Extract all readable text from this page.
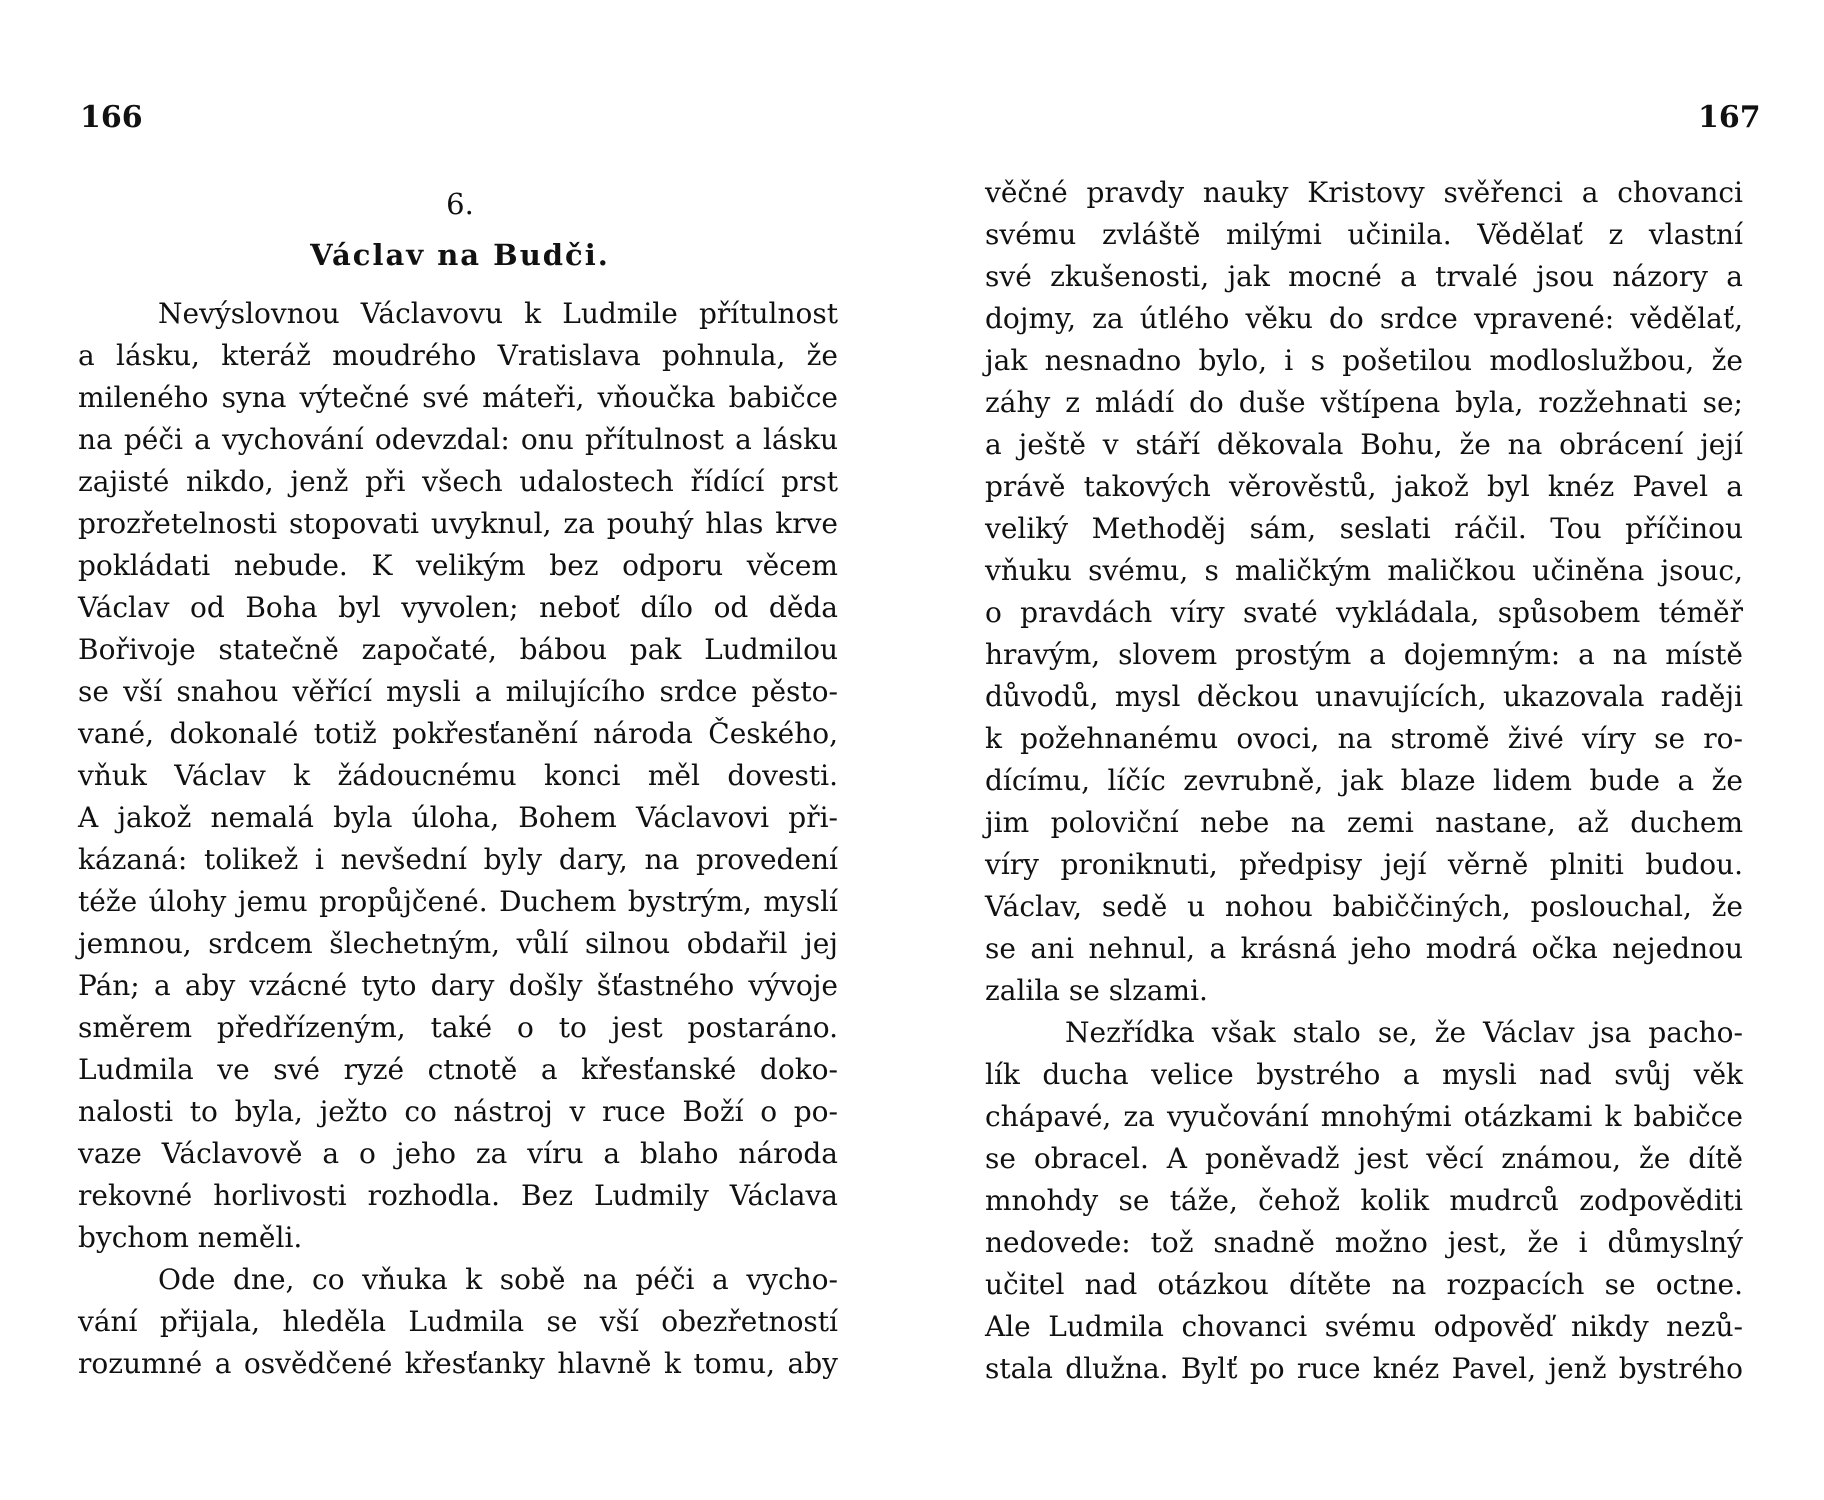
166
6.
Václav na Budči.
Nevýslovnou Václavovu k Ludmile přítulnost
a lásku, kteráž moudrého Vratislava pohnula, že
mileného syna výtečné své máteři, vňoučka babičce
na péči a vychování odevzdal: onu přítulnost a lásku
zajisté nikdo, jenž při všech udalostech řídící prst
prozřetelnosti stopovati uvyknul, za pouhý hlas krve
pokládati nebude. K velikým bez odporu věcem
Václav od Boha byl vyvolen; neboť dílo od děda
Bořivoje statečně započaté, bábou pak Ludmilou
se vší snahou věřící mysli a milujícího srdce pěsto-
vané, dokonalé totiž pokřesťanění národa Českého,
vňuk Václav k žádoucnému konci měl dovesti.
A jakož nemalá byla úloha, Bohem Václavovi při-
kázaná: tolikež i nevšední byly dary, na provedení
téže úlohy jemu propůjčené. Duchem bystrým, myslí
jemnou, srdcem šlechetným, vůlí silnou obdařil jej
Pán; a aby vzácné tyto dary došly šťastného vývoje
směrem předřízeným, také o to jest postaráno.
Ludmila ve své ryzé ctnotě a křesťanské doko-
nalosti to byla, ježto co nástroj v ruce Boží o po-
vaze Václavově a o jeho za víru a blaho národa
rekovné horlivosti rozhodla. Bez Ludmily Václava
bychom neměli.
Ode dne, co vňuka k sobě na péči a vycho-
vání přijala, hleděla Ludmila se vší obezřetností
rozumné a osvědčené křesťanky hlavně k tomu, aby
167
věčné pravdy nauky Kristovy svěřenci a chovanci
svému zvláště milými učinila. Vědělať z vlastní
své zkušenosti, jak mocné a trvalé jsou názory a
dojmy, za útlého věku do srdce vpravené: vědělať,
jak nesnadno bylo, i s pošetilou modloslužbou, že
záhy z mládí do duše vštípena byla, rozžehnati se;
a ještě v stáří děkovala Bohu, že na obrácení její
právě takových věrověstů, jakož byl knéz Pavel a
veliký Methoděj sám, seslati ráčil. Tou příčinou
vňuku svému, s maličkým maličkou učiněna jsouc,
o pravdách víry svaté vykládala, spůsobem téměř
hravým, slovem prostým a dojemným: a na místě
důvodů, mysl děckou unavujících, ukazovala raději
k požehnanému ovoci, na stromě živé víry se ro-
dícímu, líčíc zevrubně, jak blaze lidem bude a že
jim poloviční nebe na zemi nastane, až duchem
víry proniknuti, předpisy její věrně plniti budou.
Václav, sedě u nohou babiččiných, poslouchal, že
se ani nehnul, a krásná jeho modrá očka nejednou
zalila se slzami.
Nezřídka však stalo se, že Václav jsa pacho-
lík ducha velice bystrého a mysli nad svůj věk
chápavé, za vyučování mnohými otázkami k babičce
se obracel. A poněvadž jest věcí známou, že dítě
mnohdy se táže, čehož kolik mudrců zodpověditi
nedovede: tož snadně možno jest, že i důmyslný
učitel nad otázkou dítěte na rozpacích se octne.
Ale Ludmila chovanci svému odpověď nikdy nezů-
stala dlužna. Bylť po ruce knéz Pavel, jenž bystrého
